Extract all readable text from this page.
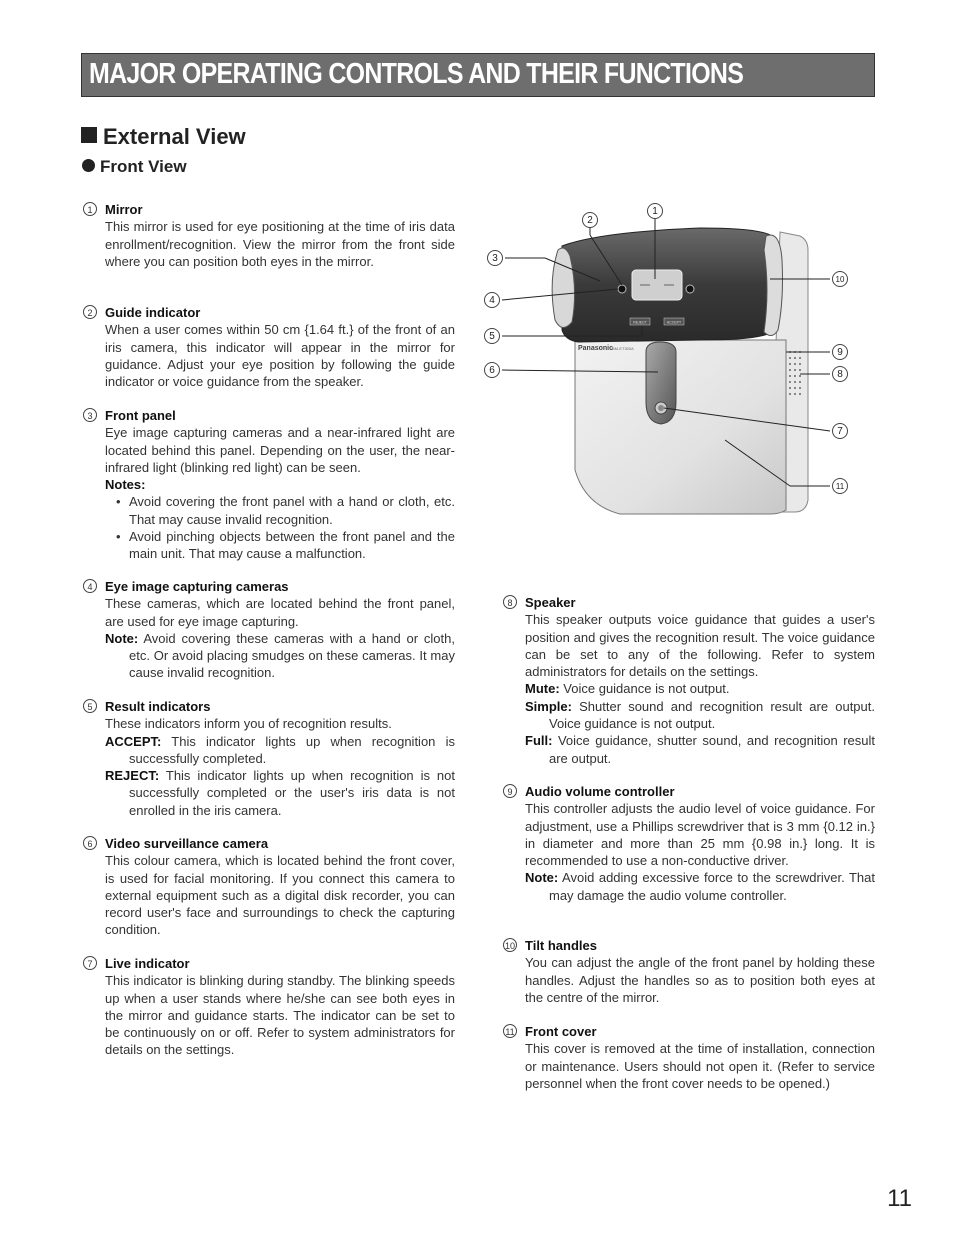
MAJOR OPERATING CONTROLS AND THEIR FUNCTIONS
External View
Front View
1 Mirror

This mirror is used for eye positioning at the time of iris data enrollment/recognition. View the mirror from the front side where you can position both eyes in the mirror.

2 Guide indicator

When a user comes within 50 cm {1.64 ft.} of the front of an iris camera, this indicator will appear in the mirror for guidance. Adjust your eye position by following the guide indicator or voice guidance from the speaker.

3 Front panel

Eye image capturing cameras and a near-infrared light are located behind this panel. Depending on the user, the near-infrared light (blinking red light) can be seen.

Notes:
• Avoid covering the front panel with a hand or cloth, etc. That may cause invalid recognition.
• Avoid pinching objects between the front panel and the main unit. That may cause a malfunction.
4 Eye image capturing cameras

These cameras, which are located behind the front panel, are used for eye image capturing.

Note: Avoid covering these cameras with a hand or cloth, etc. Or avoid placing smudges on these cameras. It may cause invalid recognition.

5 Result indicators

These indicators inform you of recognition results.

ACCEPT: This indicator lights up when recognition is successfully completed.

REJECT: This indicator lights up when recognition is not successfully completed or the user's iris data is not enrolled in the iris camera.

6 Video surveillance camera

This colour camera, which is located behind the front cover, is used for facial monitoring. If you connect this camera to external equipment such as a digital disk recorder, you can record user's face and surroundings to check the capturing condition.

7 Live indicator

This indicator is blinking during standby. The blinking speeds up when a user stands where he/she can see both eyes in the mirror and guidance starts. The indicator can be set to be continuously on or off. Refer to system administrators for details on the settings.

8 Speaker

This speaker outputs voice guidance that guides a user's position and gives the recognition result. The voice guidance can be set to any of the following. Refer to system administrators for details on the settings.

Mute: Voice guidance is not output.

Simple: Shutter sound and recognition result are output. Voice guidance is not output.

Full: Voice guidance, shutter sound, and recognition result are output.

9 Audio volume controller

This controller adjusts the audio level of voice guidance. For adjustment, use a Phillips screwdriver that is 3 mm {0.12 in.} in diameter and more than 25 mm {0.98 in.} long. It is recommended to use a non-conductive driver.

Note: Avoid adding excessive force to the screwdriver. That may damage the audio volume controller.

10 Tilt handles

You can adjust the angle of the front panel by holding these handles. Adjust the handles so as to position both eyes at the centre of the mirror.

11 Front cover

This cover is removed at the time of installation, connection or maintenance. Users should not open it. (Refer to service personnel when the front cover needs to be opened.)

REJECT	ACCEPT
Panasonic
BM-ET300A
1
2
3
4
5
6
7
8
9
10
11
11
